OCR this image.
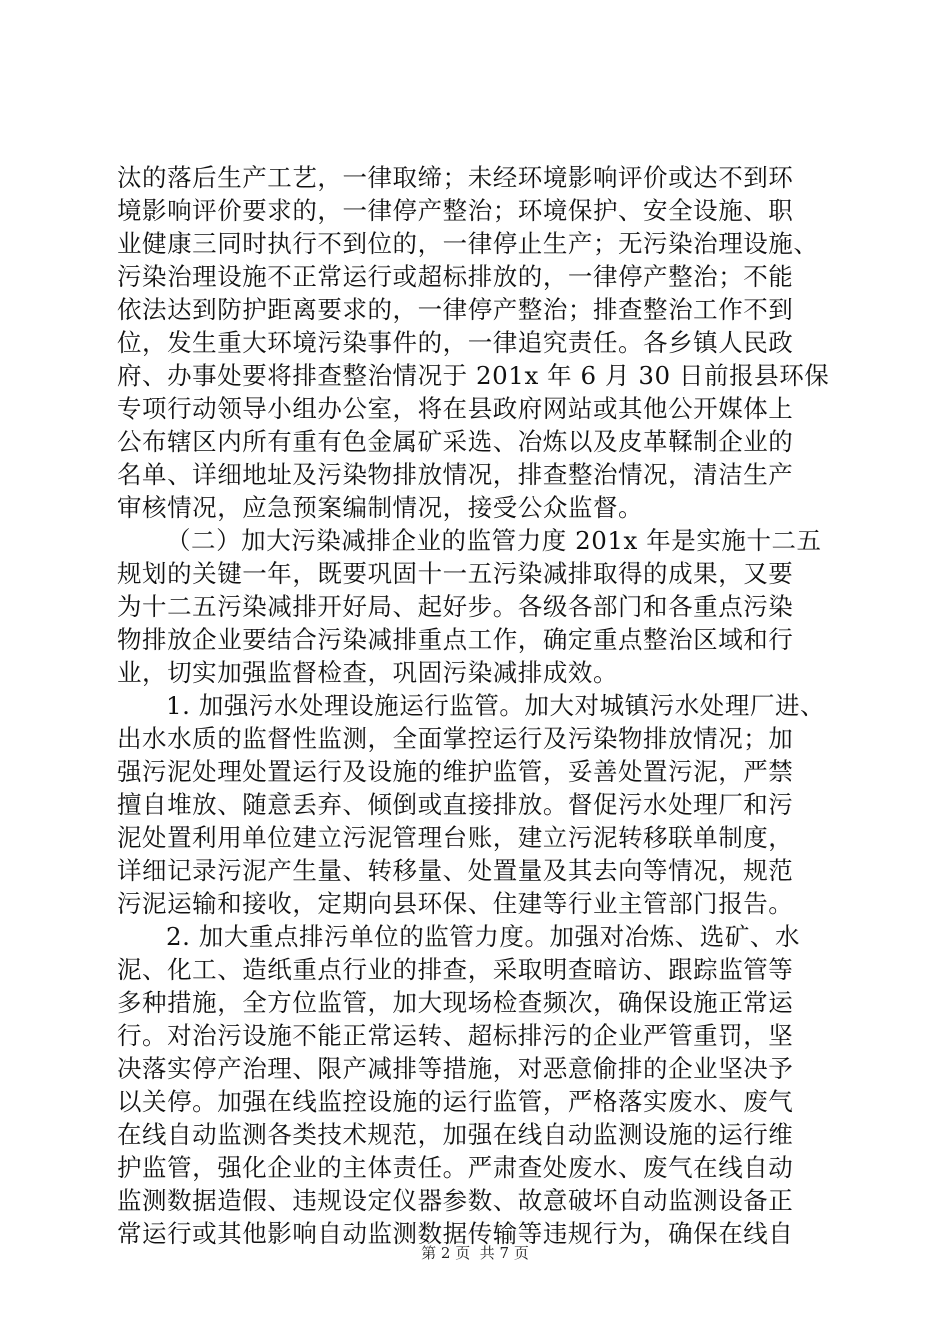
汰的落后生产工艺，一律取缔；未经环境影响评价或达不到环
境影响评价要求的，一律停产整治；环境保护、安全设施、职
业健康三同时执行不到位的，一律停止生产；无污染治理设施、
污染治理设施不正常运行或超标排放的，一律停产整治；不能
依法达到防护距离要求的，一律停产整治；排查整治工作不到
位，发生重大环境污染事件的，一律追究责任。各乡镇人民政
府、办事处要将排查整治情况于 201x 年 6 月 30 日前报县环保
专项行动领导小组办公室，将在县政府网站或其他公开媒体上
公布辖区内所有重有色金属矿采选、冶炼以及皮革鞣制企业的
名单、详细地址及污染物排放情况，排查整治情况，清洁生产
审核情况，应急预案编制情况，接受公众监督。
（二）加大污染减排企业的监管力度 201x 年是实施十二五
规划的关键一年，既要巩固十一五污染减排取得的成果，又要
为十二五污染减排开好局、起好步。各级各部门和各重点污染
物排放企业要结合污染减排重点工作，确定重点整治区域和行
业，切实加强监督检查，巩固污染减排成效。
1. 加强污水处理设施运行监管。加大对城镇污水处理厂进、
出水水质的监督性监测，全面掌控运行及污染物排放情况；加
强污泥处理处置运行及设施的维护监管，妥善处置污泥，严禁
擅自堆放、随意丢弃、倾倒或直接排放。督促污水处理厂和污
泥处置利用单位建立污泥管理台账，建立污泥转移联单制度，
详细记录污泥产生量、转移量、处置量及其去向等情况，规范
污泥运输和接收，定期向县环保、住建等行业主管部门报告。
2. 加大重点排污单位的监管力度。加强对冶炼、选矿、水
泥、化工、造纸重点行业的排查，采取明查暗访、跟踪监管等
多种措施，全方位监管，加大现场检查频次，确保设施正常运
行。对治污设施不能正常运转、超标排污的企业严管重罚，坚
决落实停产治理、限产减排等措施，对恶意偷排的企业坚决予
以关停。加强在线监控设施的运行监管，严格落实废水、废气
在线自动监测各类技术规范，加强在线自动监测设施的运行维
护监管，强化企业的主体责任。严肃查处废水、废气在线自动
监测数据造假、违规设定仪器参数、故意破坏自动监测设备正
常运行或其他影响自动监测数据传输等违规行为，确保在线自
第 2 页  共 7 页
